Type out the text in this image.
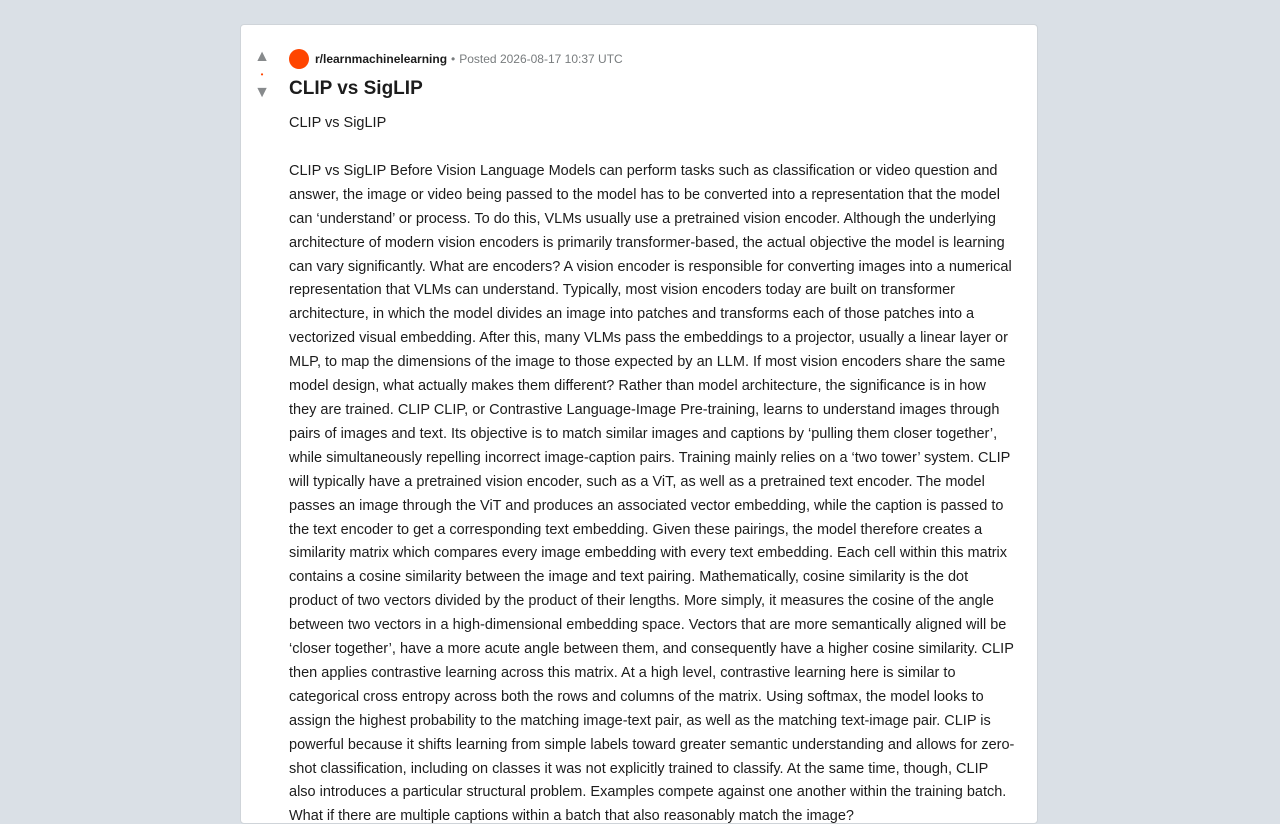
▲
•
▼
r/learnmachinelearning • Posted 2026-08-17 10:37 UTC
CLIP vs SigLIP

CLIP vs SigLIP

CLIP vs SigLIP Before Vision Language Models can perform tasks such as classification or video question and answer, the image or video being passed to the model has to be converted into a representation that the model can ‘understand’ or process. To do this, VLMs usually use a pretrained vision encoder. Although the underlying architecture of modern vision encoders is primarily transformer-based, the actual objective the model is learning can vary significantly. What are encoders? A vision encoder is responsible for converting images into a numerical representation that VLMs can understand. Typically, most vision encoders today are built on transformer architecture, in which the model divides an image into patches and transforms each of those patches into a vectorized visual embedding. After this, many VLMs pass the embeddings to a projector, usually a linear layer or MLP, to map the dimensions of the image to those expected by an LLM. If most vision encoders share the same model design, what actually makes them different? Rather than model architecture, the significance is in how they are trained. CLIP CLIP, or Contrastive Language-Image Pre-training, learns to understand images through pairs of images and text. Its objective is to match similar images and captions by ‘pulling them closer together’, while simultaneously repelling incorrect image-caption pairs. Training mainly relies on a ‘two tower’ system. CLIP will typically have a pretrained vision encoder, such as a ViT, as well as a pretrained text encoder. The model passes an image through the ViT and produces an associated vector embedding, while the caption is passed to the text encoder to get a corresponding text embedding. Given these pairings, the model therefore creates a similarity matrix which compares every image embedding with every text embedding. Each cell within this matrix contains a cosine similarity between the image and text pairing. Mathematically, cosine similarity is the dot product of two vectors divided by the product of their lengths. More simply, it measures the cosine of the angle between two vectors in a high-dimensional embedding space. Vectors that are more semantically aligned will be ‘closer together’, have a more acute angle between them, and consequently have a higher cosine similarity. CLIP then applies contrastive learning across this matrix. At a high level, contrastive learning here is similar to categorical cross entropy across both the rows and columns of the matrix. Using softmax, the model looks to assign the highest probability to the matching image-text pair, as well as the matching text-image pair. CLIP is powerful because it shifts learning from simple labels toward greater semantic understanding and allows for zero-shot classification, including on classes it was not explicitly trained to classify. At the same time, though, CLIP also introduces a particular structural problem. Examples compete against one another within the training batch. What if there are multiple captions within a batch that also reasonably match the image?
